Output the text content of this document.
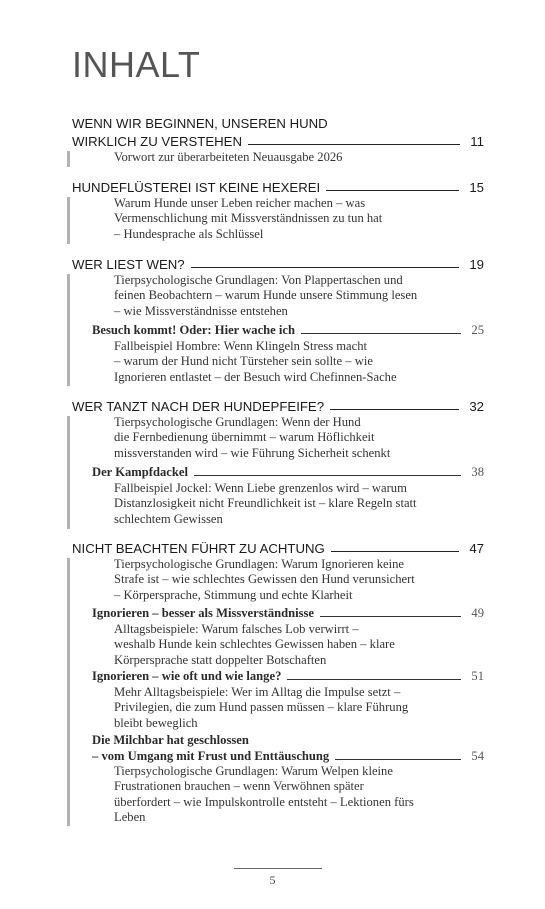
INHALT
WENN WIR BEGINNEN, UNSEREN HUND
WIRKLICH ZU VERSTEHEN	11
Vorwort zur überarbeiteten Neuausgabe 2026
HUNDEFLÜSTEREI IST KEINE HEXEREI	15
Warum Hunde unser Leben reicher machen – was
Vermenschlichung mit Missverständnissen zu tun hat
– Hundesprache als Schlüssel
WER LIEST WEN?	19
Tierpsychologische Grundlagen: Von Plappertaschen und
feinen Beobachtern – warum Hunde unsere Stimmung lesen
– wie Missverständnisse entstehen
Besuch kommt! Oder: Hier wache ich	25
Fallbeispiel Hombre: Wenn Klingeln Stress macht
– warum der Hund nicht Türsteher sein sollte – wie
Ignorieren entlastet – der Besuch wird Chefinnen-Sache
WER TANZT NACH DER HUNDEPFEIFE?	32
Tierpsychologische Grundlagen: Wenn der Hund
die Fernbedienung übernimmt – warum Höflichkeit
missverstanden wird – wie Führung Sicherheit schenkt
Der Kampfdackel	38
Fallbeispiel Jockel: Wenn Liebe grenzenlos wird – warum
Distanzlosigkeit nicht Freundlichkeit ist – klare Regeln statt
schlechtem Gewissen
NICHT BEACHTEN FÜHRT ZU ACHTUNG	47
Tierpsychologische Grundlagen: Warum Ignorieren keine
Strafe ist – wie schlechtes Gewissen den Hund verunsichert
– Körpersprache, Stimmung und echte Klarheit
Ignorieren – besser als Missverständnisse	49
Alltagsbeispiele: Warum falsches Lob verwirrt –
weshalb Hunde kein schlechtes Gewissen haben – klare
Körpersprache statt doppelter Botschaften
Ignorieren – wie oft und wie lange?	51
Mehr Alltagsbeispiele: Wer im Alltag die Impulse setzt –
Privilegien, die zum Hund passen müssen – klare Führung
bleibt beweglich
Die Milchbar hat geschlossen
– vom Umgang mit Frust und Enttäuschung	54
Tierpsychologische Grundlagen: Warum Welpen kleine
Frustrationen brauchen – wenn Verwöhnen später
überfordert – wie Impulskontrolle entsteht – Lektionen fürs
Leben
5
